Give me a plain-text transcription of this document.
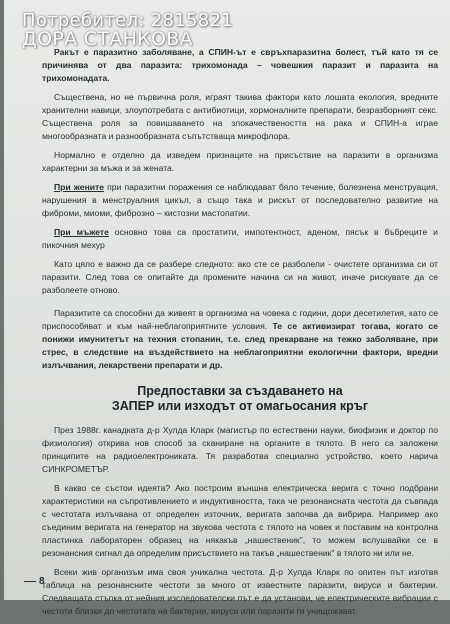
Потребител: 2815821
ДОРА СТАНКОВА

Ракът е паразитно заболяване, а СПИН-ът е свръхпаразитна болест, тъй като тя се причинява от два паразита: трихомонада – човешкия паразит и паразита на трихомонадата.

Съществена, но не първична роля, играят такива фактори като лошата екология, вредните хранителни навици, злоупотребата с антибиотици, хормоналните препарати, безразборният секс. Съществена роля за повишаването на злокачествеността на рака и СПИН-а играе многообразната и разнообразната съпътстваща микрофлора.

Нормално е отделно да изведем признаците на присъствие на паразити в организма характерни за мъжа и за жената.

При жените при паразитни поражения се наблюдават бяло течение, болезнена менструация, нарушения в менструалния цикъл, а също така и рискът от последователно развитие на фиброми, миоми, фиброзно – кистозни мастопатии.

При мъжете основно това са простатити, импотентност, аденом, пясък в бъбреците и пикочния мехур

Като цяло е важно да се разбере следното: ако сте се разболели - очистете организма си от паразити. След това се опитайте да промените начина си на живот, иначе рискувате да се разболеете отново.

Паразитите са способни да живеят в организма на човека с години, дори десетилетия, като се приспособяват и към най-неблагоприятните условия. Те се активизират тогава, когато се понижи имунитетът на техния стопанин, т.е. след прекарване на тежко заболяване, при стрес, в следствие на въздействието на неблагоприятни екологични фактори, вредни излъчвания, лекарствени препарати и др.

Предпоставки за създаването на
ЗАПЕР или изходът от омагьосания кръг

През 1988г. канадката д-р Хулда Кларк (магистър по естествени науки, биофизик и доктор по физиология) открива нов способ за сканиране на органите в тялото. В него са заложени принципите на радиоелектрониката. Тя разработва специално устройство, което нарича СИНКРОМЕТЪР.

В какво се състои идеята? Ако построим външна електрическа верига с точно подбрани характеристики на съпротивлението и индуктивността, така че резонансната честота да съвпада с честотата излъчвана от определен източник, веригата започва да вибрира. Например ако съединим веригата на генератор на звукова честота с тялото на човек и поставим на контролна пластинка лабораторен образец на някакъв „нашественик", то можем вслушвайки се в резонансния сигнал да определим присъствието на такъв „нашественик" в тялото ни или не.

Всеки жив организъм има своя уникална честота. Д-р Хулда Кларк по опитен път изготвя таблица на резонансните честоти за много от известните паразити, вируси и бактерии. Следващата стъпка от нейния изследователски път е да установи, че електрическите вибрации с честоти близки до честотата на бактерии, вируси или паразити ги унищожават.

8
